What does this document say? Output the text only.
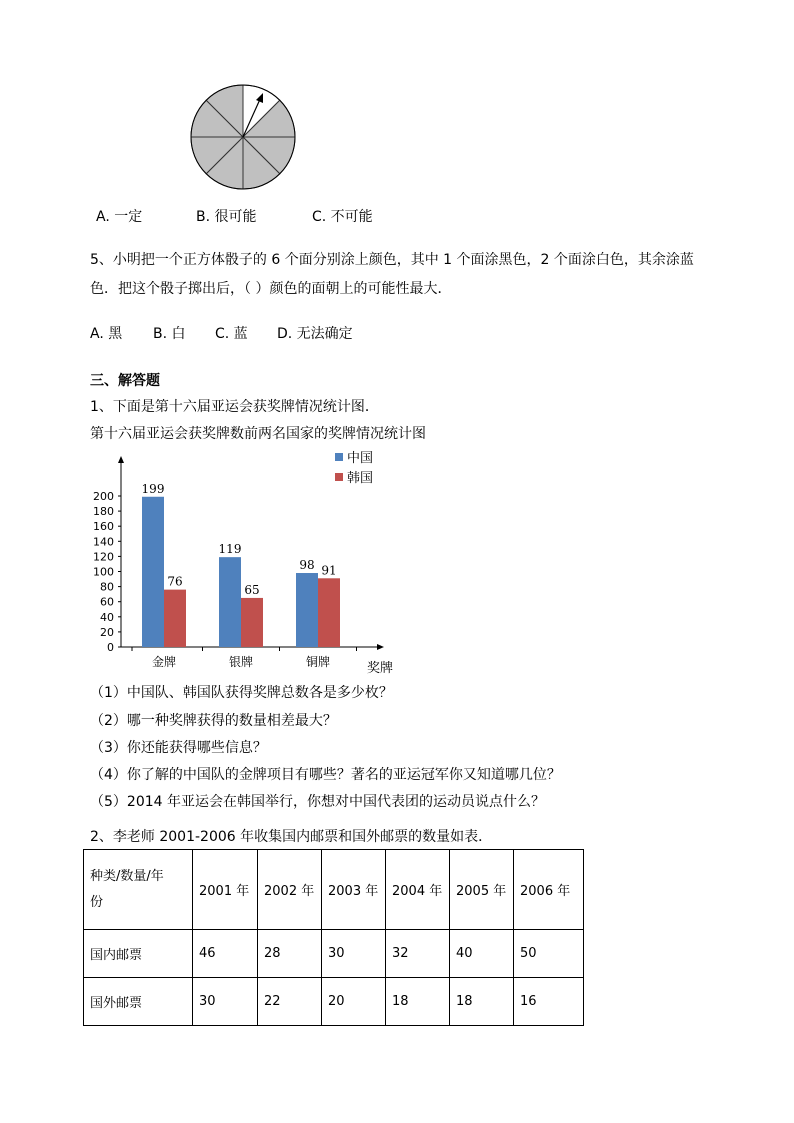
A. 一定	B. 很可能	C. 不可能
5、小明把一个正方体骰子的 6 个面分别涂上颜色，其中 1 个面涂黑色，2 个面涂白色，其余涂蓝
色．把这个骰子掷出后，（ ）颜色的面朝上的可能性最大．
A. 黑 B. 白 C. 蓝 D. 无法确定
三、解答题
1、下面是第十六届亚运会获奖牌情况统计图．
第十六届亚运会获奖牌数前两名国家的奖牌情况统计图
0
20
40
60
80
100
120
140
160
180
200
199
76
119
65
98 91
金牌	银牌	铜牌	奖牌
中国
韩国
（1）中国队、韩国队获得奖牌总数各是多少枚？
（2）哪一种奖牌获得的数量相差最大？
（3）你还能获得哪些信息？
（4）你了解的中国队的金牌项目有哪些？著名的亚运冠军你又知道哪几位？
（5）2014 年亚运会在韩国举行，你想对中国代表团的运动员说点什么？
2、李老师 2001-2006 年收集国内邮票和国外邮票的数量如表．
种类/数量/年
份	2001 年	2002 年	2003 年	2004 年	2005 年	2006 年
国内邮票	46	28	30	32	40	50
国外邮票	30	22	20	18	18	16
